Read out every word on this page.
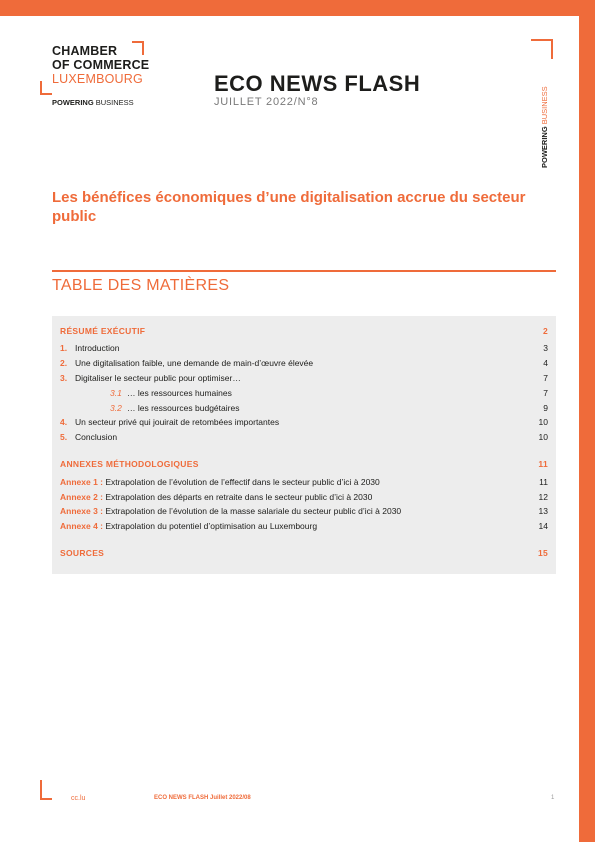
CHAMBER
OF COMMERCE
LUXEMBOURG
POWERING BUSINESS
ECO NEWS FLASH
JUILLET 2022/N°8
POWERING BUSINESS
Les bénéfices économiques d’une digitalisation accrue du secteur public
TABLE DES MATIÈRES
RÉSUMÉ EXÉCUTIF	2
1. Introduction	3
2. Une digitalisation faible, une demande de main-d’œuvre élevée	4
3. Digitaliser le secteur public pour optimiser…	7
3.1 … les ressources humaines	7
3.2 … les ressources budgétaires	9
4. Un secteur privé qui jouirait de retombées importantes	10
5. Conclusion	10
ANNEXES MÉTHODOLOGIQUES	11
Annexe 1 : Extrapolation de l’évolution de l’effectif dans le secteur public d’ici à 2030	11
Annexe 2 : Extrapolation des départs en retraite dans le secteur public d’ici à 2030	12
Annexe 3 : Extrapolation de l’évolution de la masse salariale du secteur public d’ici à 2030	13
Annexe 4 : Extrapolation du potentiel d’optimisation au Luxembourg	14
SOURCES	15
cc.lu	ECO NEWS FLASH Juillet 2022/08	1
